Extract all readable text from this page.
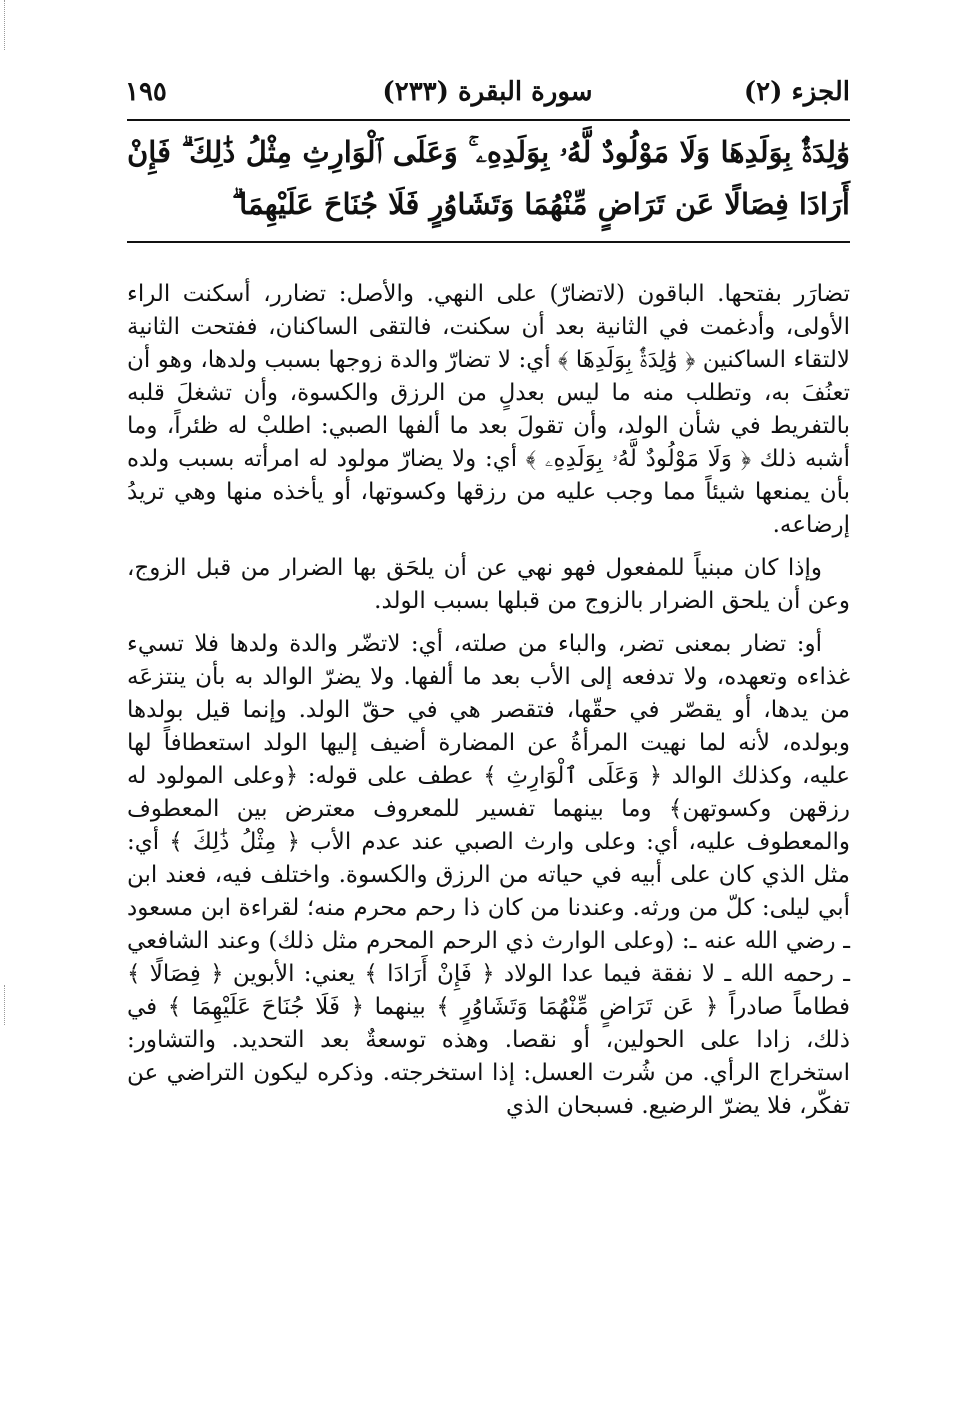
الجزء (٢)
سورة البقرة (٢٣٣)
١٩٥
وَٰلِدَةٌۢ بِوَلَدِهَا وَلَا مَوْلُودٌ لَّهُۥ بِوَلَدِهِۦ ۚ وَعَلَى ٱلْوَارِثِ مِثْلُ ذَٰلِكَ ۗ فَإِنْ أَرَادَا فِصَالًا عَن تَرَاضٍ مِّنْهُمَا وَتَشَاوُرٍ فَلَا جُنَاحَ عَلَيْهِمَا ۗ

تضارَر بفتحها. الباقون (لاتضارّ) على النهي. والأصل: تضارر، أسكنت الراء الأولى، وأدغمت في الثانية بعد أن سكنت، فالتقى الساكنان، ففتحت الثانية لالتقاء الساكنين ﴿ وَٰلِدَةٌۢ بِوَلَدِهَا ﴾ أي: لا تضارّ والدة زوجها بسبب ولدها، وهو أن تعنُفَ به، وتطلب منه ما ليس بعدلٍ من الرزق والكسوة، وأن تشغلَ قلبه بالتفريط في شأن الولد، وأن تقولَ بعد ما ألفها الصبي: اطلبْ له ظئراً، وما أشبه ذلك ﴿ وَلَا مَوْلُودٌ لَّهُۥ بِوَلَدِهِۦ ﴾ أي: ولا يضارّ مولود له امرأته بسبب ولده بأن يمنعها شيئاً مما وجب عليه من رزقها وكسوتها، أو يأخذه منها وهي تريدُ إرضاعه.

وإذا كان مبنياً للمفعول فهو نهي عن أن يلحَق بها الضرار من قبل الزوج، وعن أن يلحق الضرار بالزوج من قبلها بسبب الولد.

أو: تضار بمعنى تضر، والباء من صلته، أي: لاتضّر والدة ولدها فلا تسيء غذاءه وتعهده، ولا تدفعه إلى الأب بعد ما ألفها. ولا يضرّ الوالد به بأن ينتزعَه من يدها، أو يقصّر في حقّها، فتقصر هي في حقّ الولد. وإنما قيل بولدها وبولده، لأنه لما نهيت المرأةُ عن المضارة أضيف إليها الولد استعطافاً لها عليه، وكذلك الوالد ﴿ وَعَلَى ٱلْوَارِثِ ﴾ عطف على قوله: ﴿وعلى المولود له رزقهن وكسوتهن﴾ وما بينهما تفسير للمعروف معترض بين المعطوف والمعطوف عليه، أي: وعلى وارث الصبي عند عدم الأب ﴿ مِثْلُ ذَٰلِكَ ﴾ أي: مثل الذي كان على أبيه في حياته من الرزق والكسوة. واختلف فيه، فعند ابن أبي ليلى: كلّ من ورثه. وعندنا من كان ذا رحم محرم منه؛ لقراءة ابن مسعود ـ رضي الله عنه ـ: (وعلى الوارث ذي الرحم المحرم مثل ذلك) وعند الشافعي ـ رحمه الله ـ لا نفقة فيما عدا الولاد ﴿ فَإِنْ أَرَادَا ﴾ يعني: الأبوين ﴿ فِصَالًا ﴾ فطاماً صادراً ﴿ عَن تَرَاضٍ مِّنْهُمَا وَتَشَاوُرٍ ﴾ بينهما ﴿ فَلَا جُنَاحَ عَلَيْهِمَا ﴾ في ذلك، زادا على الحولين، أو نقصا. وهذه توسعةٌ بعد التحديد. والتشاور: استخراج الرأي. من شُرت العسل: إذا استخرجته. وذكره ليكون التراضي عن تفكّر، فلا يضرّ الرضيع. فسبحان الذي
